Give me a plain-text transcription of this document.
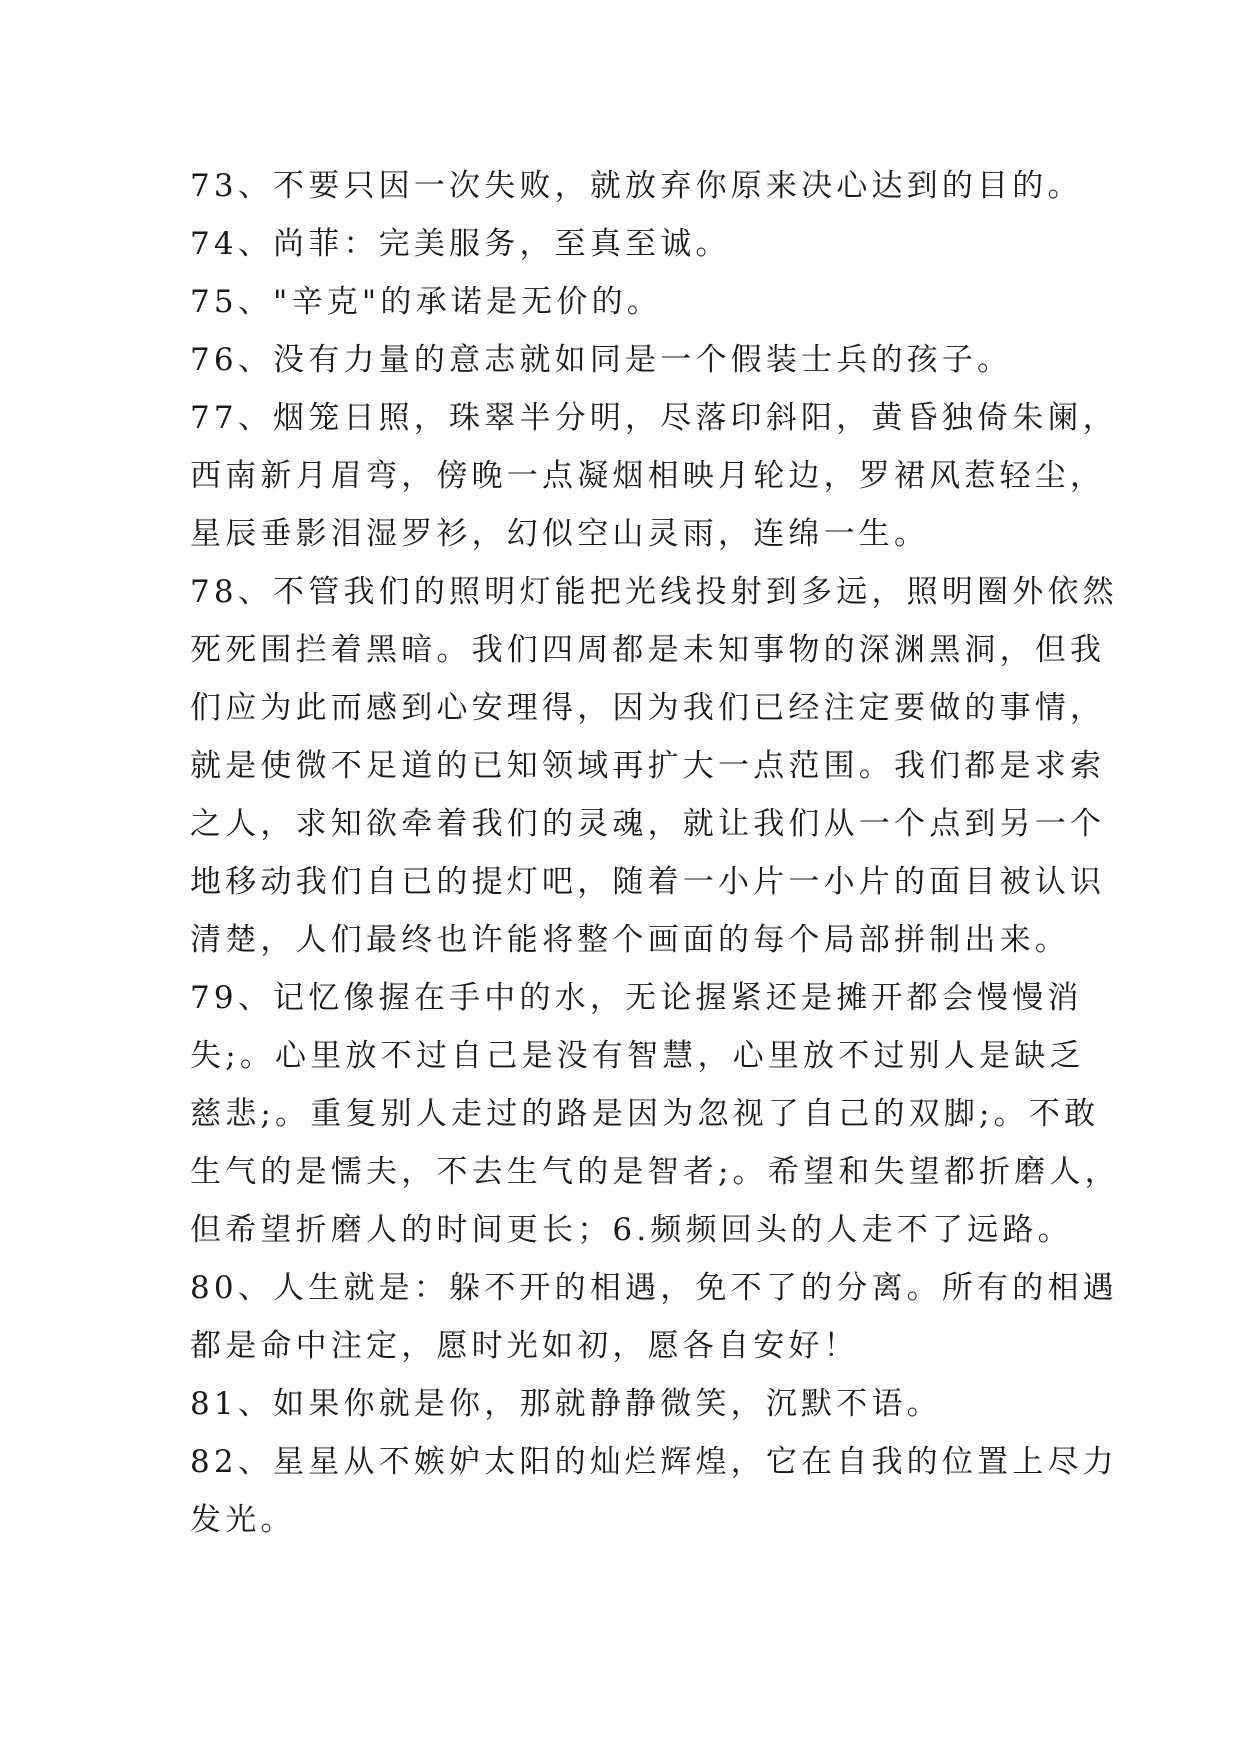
73、不要只因一次失败，就放弃你原来决心达到的目的。
74、尚菲：完美服务，至真至诚。
75、"辛克"的承诺是无价的。
76、没有力量的意志就如同是一个假装士兵的孩子。
77、烟笼日照，珠翠半分明，尽落印斜阳，黄昏独倚朱阑，
西南新月眉弯，傍晚一点凝烟相映月轮边，罗裙风惹轻尘，
星辰垂影泪湿罗衫，幻似空山灵雨，连绵一生。
78、不管我们的照明灯能把光线投射到多远，照明圈外依然
死死围拦着黑暗。我们四周都是未知事物的深渊黑洞，但我
们应为此而感到心安理得，因为我们已经注定要做的事情，
就是使微不足道的已知领域再扩大一点范围。我们都是求索
之人，求知欲牵着我们的灵魂，就让我们从一个点到另一个
地移动我们自已的提灯吧，随着一小片一小片的面目被认识
清楚，人们最终也许能将整个画面的每个局部拼制出来。
79、记忆像握在手中的水，无论握紧还是摊开都会慢慢消
失;。心里放不过自己是没有智慧，心里放不过别人是缺乏
慈悲;。重复别人走过的路是因为忽视了自己的双脚;。不敢
生气的是懦夫，不去生气的是智者;。希望和失望都折磨人，
但希望折磨人的时间更长；6.频频回头的人走不了远路。
80、人生就是：躲不开的相遇，免不了的分离。所有的相遇
都是命中注定，愿时光如初，愿各自安好！
81、如果你就是你，那就静静微笑，沉默不语。
82、星星从不嫉妒太阳的灿烂辉煌，它在自我的位置上尽力
发光。
